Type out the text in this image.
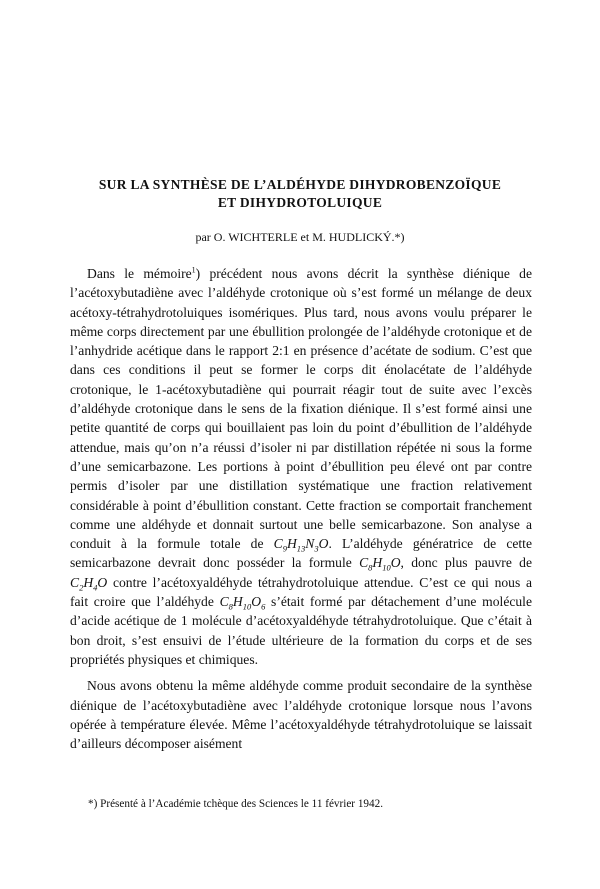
SUR LA SYNTHÈSE DE L’ALDÉHYDE DIHYDROBENZOÏQUE
ET DIHYDROTOLUIQUE
par O. WICHTERLE et M. HUDLICKÝ.*)

Dans le mémoire$^1$) précédent nous avons décrit la synthèse diénique de l’acétoxybutadiène avec l’aldéhyde crotonique où s’est formé un mélange de deux acétoxy-tétrahydrotoluiques isomériques. Plus tard, nous avons voulu préparer le même corps directement par une ébullition prolongée de l’aldéhyde crotonique et de l’anhydride acétique dans le rapport 2:1 en présence d’acétate de sodium. C’est que dans ces conditions il peut se former le corps dit énolacétate de l’aldéhyde crotonique, le 1-acétoxybutadiène qui pourrait réagir tout de suite avec l’excès d’aldéhyde crotonique dans le sens de la fixation diénique. Il s’est formé ainsi une petite quantité de corps qui bouillaient pas loin du point d’ébullition de l’aldéhyde attendue, mais qu’on n’a réussi d’isoler ni par distillation répétée ni sous la forme d’une semicarbazone. Les portions à point d’ébullition peu élevé ont par contre permis d’isoler par une distillation systématique une fraction relativement considérable à point d’ébullition constant. Cette fraction se comportait franchement comme une aldéhyde et donnait surtout une belle semicarbazone. Son analyse a conduit à la formule totale de $C_9H_{13}N_3O$. L’aldéhyde génératrice de cette semicarbazone devrait donc posséder la formule $C_8H_{10}O$, donc plus pauvre de $C_2H_4O$ contre l’acétoxyaldéhyde tétrahydrotoluique attendue. C’est ce qui nous a fait croire que l’aldéhyde $C_8H_{10}O_6$ s’était formé par détachement d’une molécule d’acide acétique de 1 molécule d’acétoxyaldéhyde tétrahydrotoluique. Que c’était à bon droit, s’est ensuivi de l’étude ultérieure de la formation du corps et de ses propriétés physiques et chimiques.

Nous avons obtenu la même aldéhyde comme produit secondaire de la synthèse diénique de l’acétoxybutadiène avec l’aldéhyde crotonique lorsque nous l’avons opérée à température élevée. Même l’acétoxyaldéhyde tétrahydrotoluique se laissait d’ailleurs décomposer aisément

*) Présenté à l’Académie tchèque des Sciences le 11 février 1942.
